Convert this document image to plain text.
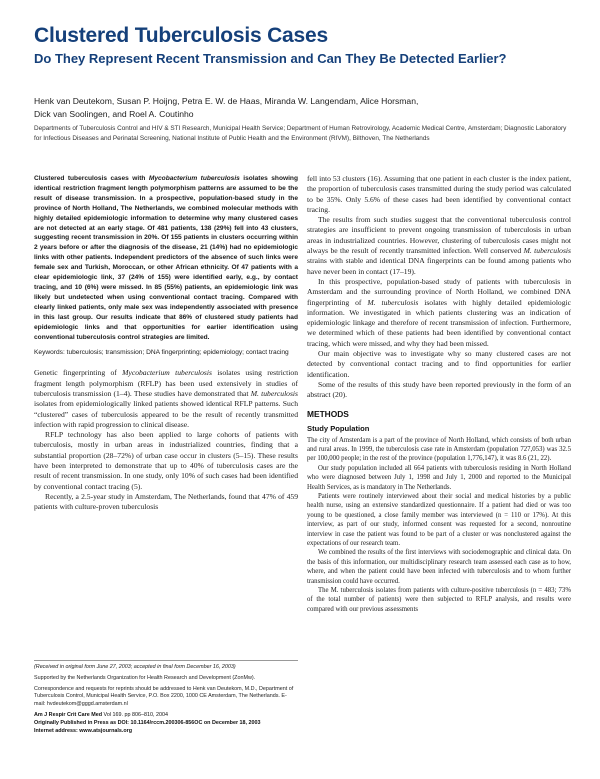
Clustered Tuberculosis Cases
Do They Represent Recent Transmission and Can They Be Detected Earlier?
Henk van Deutekom, Susan P. Hoijng, Petra E. W. de Haas, Miranda W. Langendam, Alice Horsman,
Dick van Soolingen, and Roel A. Coutinho

Departments of Tuberculosis Control and HIV & STI Research, Municipal Health Service; Department of Human Retrovirology, Academic Medical Centre, Amsterdam; Diagnostic Laboratory for Infectious Diseases and Perinatal Screening, National Institute of Public Health and the Environment (RIVM), Bilthoven, The Netherlands

Clustered tuberculosis cases with Mycobacterium tuberculosis isolates showing identical restriction fragment length polymorphism patterns are assumed to be the result of disease transmission. In a prospective, population-based study in the province of North Holland, The Netherlands, we combined molecular methods with highly detailed epidemiologic information to determine why many clustered cases are not detected at an early stage. Of 481 patients, 138 (29%) fell into 43 clusters, suggesting recent transmission in 20%. Of 155 patients in clusters occurring within 2 years before or after the diagnosis of the disease, 21 (14%) had no epidemiologic links with other patients. Independent predictors of the absence of such links were female sex and Turkish, Moroccan, or other African ethnicity. Of 47 patients with a clear epidemiologic link, 37 (24% of 155) were identified early, e.g., by contact tracing, and 10 (6%) were missed. In 85 (55%) patients, an epidemiologic link was likely but undetected when using conventional contact tracing. Compared with clearly linked patients, only male sex was independently associated with presence in this last group. Our results indicate that 86% of clustered study patients had epidemiologic links and that opportunities for earlier identification using conventional tuberculosis control strategies are limited.

Keywords: tuberculosis; transmission; DNA fingerprinting; epidemiology; contact tracing

Genetic fingerprinting of Mycobacterium tuberculosis isolates using restriction fragment length polymorphism (RFLP) has been used extensively in studies of tuberculosis transmission (1–4). These studies have demonstrated that M. tuberculosis isolates from epidemiologically linked patients showed identical RFLP patterns. Such “clustered” cases of tuberculosis appeared to be the result of recently transmitted infection with rapid progression to clinical disease.

RFLP technology has also been applied to large cohorts of patients with tuberculosis, mostly in urban areas in industrialized countries, finding that a substantial proportion (28–72%) of urban case occur in clusters (5–15). These results have been interpreted to demonstrate that up to 40% of tuberculosis cases are the result of recent transmission. In one study, only 10% of such cases had been identified by conventional contact tracing (5).

Recently, a 2.5-year study in Amsterdam, The Netherlands, found that 47% of 459 patients with culture-proven tuberculosis

(Received in original form June 27, 2003; accepted in final form December 16, 2003)

Supported by the Netherlands Organization for Health Research and Development (ZonMw).

Correspondence and requests for reprints should be addressed to Henk van Deutekom, M.D., Department of Tuberculosis Control, Municipal Health Service, P.O. Box 2200, 1000 CE Amsterdam, The Netherlands. E-mail: hvdeutekom@gggd.amsterdam.nl

Am J Respir Crit Care Med Vol 169. pp 806–810, 2004
Originally Published in Press as DOI: 10.1164/rccm.200306-856OC on December 18, 2003
Internet address: www.atsjournals.org

fell into 53 clusters (16). Assuming that one patient in each cluster is the index patient, the proportion of tuberculosis cases transmitted during the study period was calculated to be 35%. Only 5.6% of these cases had been identified by conventional contact tracing.

The results from such studies suggest that the conventional tuberculosis control strategies are insufficient to prevent ongoing transmission of tuberculosis in urban areas in industrialized countries. However, clustering of tuberculosis cases might not always be the result of recently transmitted infection. Well conserved M. tuberculosis strains with stable and identical DNA fingerprints can be found among patients who have never been in contact (17–19).

In this prospective, population-based study of patients with tuberculosis in Amsterdam and the surrounding province of North Holland, we combined DNA fingerprinting of M. tuberculosis isolates with highly detailed epidemiologic information. We investigated in which patients clustering was an indication of epidemiologic linkage and therefore of recent transmission of infection. Furthermore, we determined which of these patients had been identified by conventional contact tracing, which were missed, and why they had been missed.

Our main objective was to investigate why so many clustered cases are not detected by conventional contact tracing and to find opportunities for earlier identification.

Some of the results of this study have been reported previously in the form of an abstract (20).

METHODS
Study Population

The city of Amsterdam is a part of the province of North Holland, which consists of both urban and rural areas. In 1999, the tuberculosis case rate in Amsterdam (population 727,053) was 32.5 per 100,000 people; in the rest of the province (population 1,776,147), it was 8.6 (21, 22).

Our study population included all 664 patients with tuberculosis residing in North Holland who were diagnosed between July 1, 1998 and July 1, 2000 and reported to the Municipal Health Services, as is mandatory in The Netherlands.

Patients were routinely interviewed about their social and medical histories by a public health nurse, using an extensive standardized questionnaire. If a patient had died or was too young to be questioned, a close family member was interviewed (n = 110 or 17%). At this interview, as part of our study, informed consent was requested for a second, nonroutine interview in case the patient was found to be part of a cluster or was nonclustered against the expectations of our research team.

We combined the results of the first interviews with sociodemographic and clinical data. On the basis of this information, our multidisciplinary research team assessed each case as to how, where, and when the patient could have been infected with tuberculosis and to whom further transmission could have occurred.

The M. tuberculosis isolates from patients with culture-positive tuberculosis (n = 483; 73% of the total number of patients) were then subjected to RFLP analysis, and results were compared with our previous assessments
